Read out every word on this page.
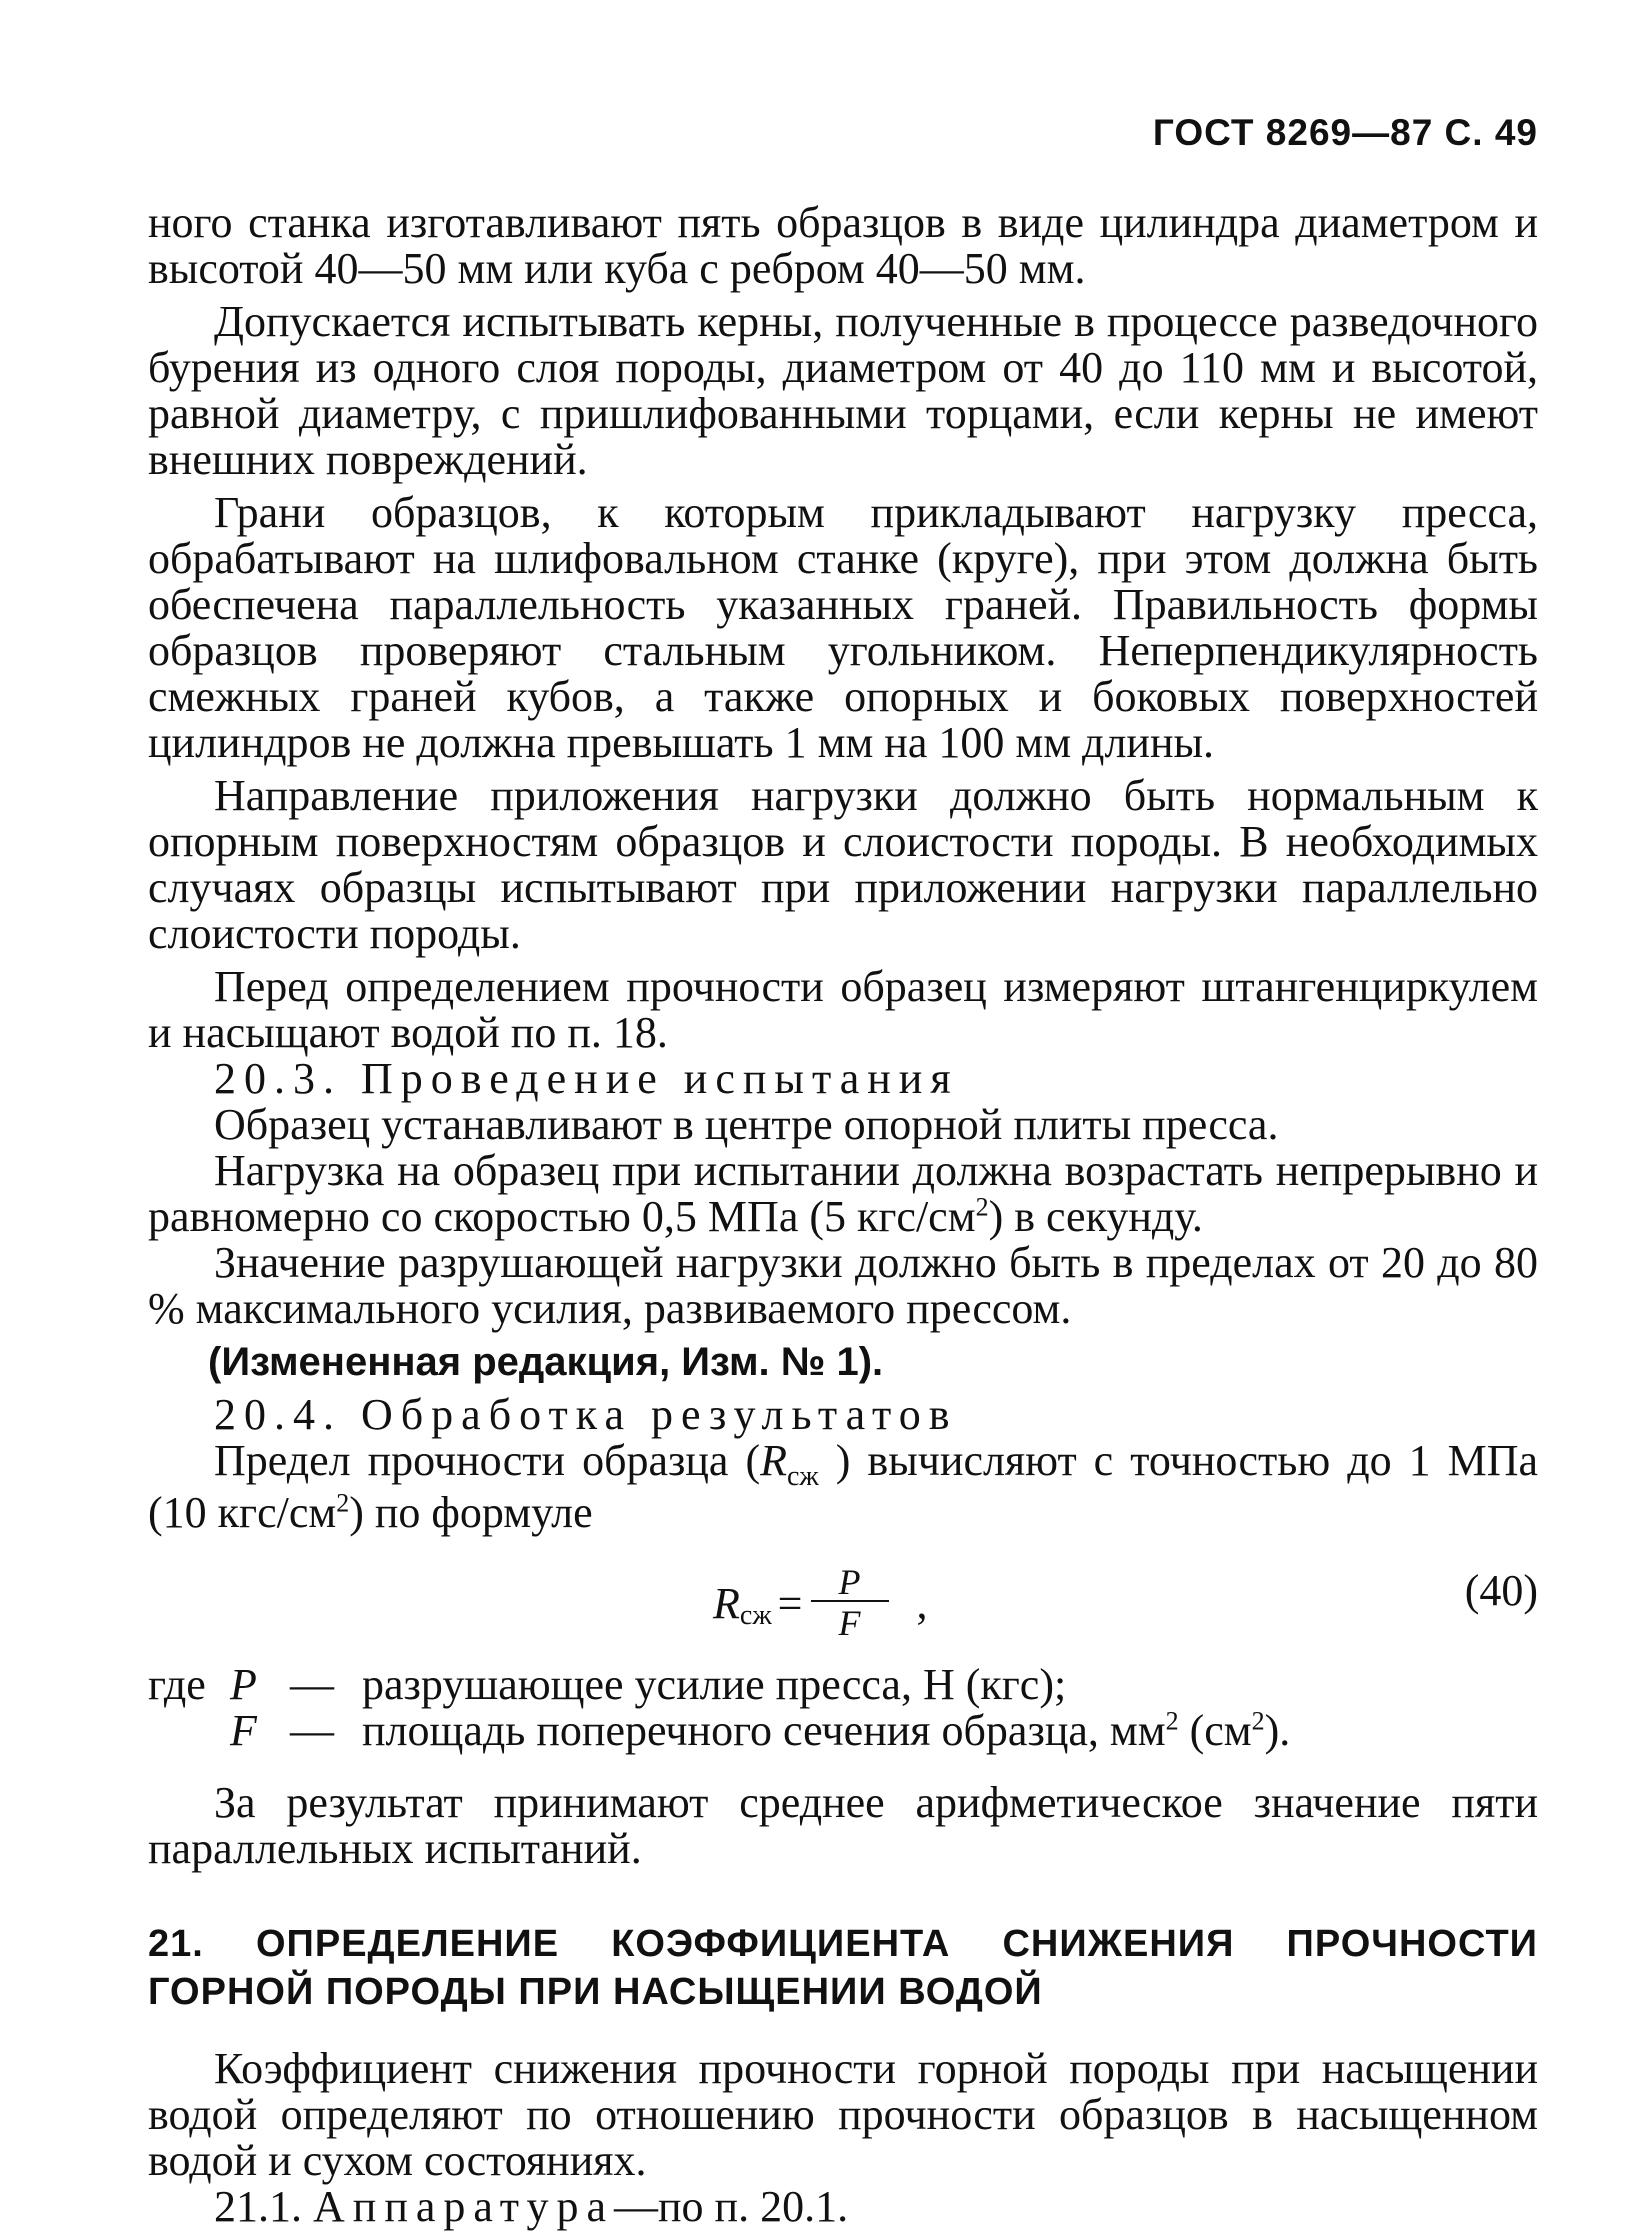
ГОСТ 8269—87 С. 49

ного станка изготавливают пять образцов в виде цилиндра диаметром и высотой 40—50 мм или куба с ребром 40—50 мм.

Допускается испытывать керны, полученные в процессе разведочного бурения из одного слоя породы, диаметром от 40 до 110 мм и высотой, равной диаметру, с пришлифованными торцами, если керны не имеют внешних повреждений.

Грани образцов, к которым прикладывают нагрузку пресса, обрабатывают на шлифовальном станке (круге), при этом должна быть обеспечена параллельность указанных граней. Правильность формы образцов проверяют стальным угольником. Неперпендикулярность смежных граней кубов, а также опорных и боковых поверхностей цилиндров не должна превышать 1 мм на 100 мм длины.

Направление приложения нагрузки должно быть нормальным к опорным поверхностям образцов и слоистости породы. В необходимых случаях образцы испытывают при приложении нагрузки параллельно слоистости породы.

Перед определением прочности образец измеряют штангенциркулем и насыщают водой по п. 18.

20.3. Проведение испытания

Образец устанавливают в центре опорной плиты пресса.

Нагрузка на образец при испытании должна возрастать непрерывно и равномерно со скоростью 0,5 МПа (5 кгс/$см^2$) в секунду.

Значение разрушающей нагрузки должно быть в пределах от 20 до 80 % максимального усилия, развиваемого прессом.

(Измененная редакция, Изм. № 1).

20.4. Обработка результатов

Предел прочности образца ($R_{сж}$ ) вычисляют с точностью до 1 МПа (10 кгс/$см^2$) по формуле

R сж = $\frac{P}{F}$ ,	(40)

где P — разрушающее усилие пресса, Н (кгс);

F — площадь поперечного сечения образца, $мм^2$ $(см^2)$.

За результат принимают среднее арифметическое значение пяти параллельных испытаний.

21. ОПРЕДЕЛЕНИЕ КОЭФФИЦИЕНТА СНИЖЕНИЯ ПРОЧНОСТИ ГОРНОЙ ПОРОДЫ ПРИ НАСЫЩЕНИИ ВОДОЙ

Коэффициент снижения прочности горной породы при насыщении водой определяют по отношению прочности образцов в насыщенном водой и сухом состояниях.

21.1. Аппаратура—по п. 20.1.
